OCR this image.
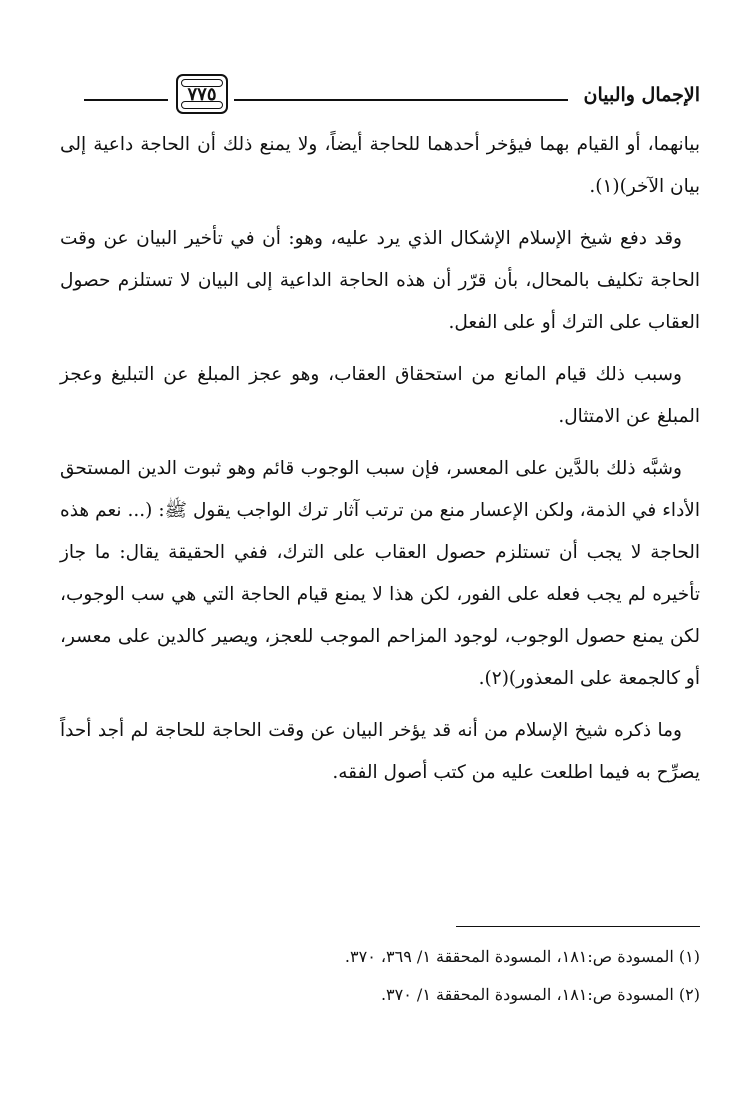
٧٧٥	الإجمال والبيان

بيانهما، أو القيام بهما فيؤخر أحدهما للحاجة أيضاً، ولا يمنع ذلك أن الحاجة داعية إلى بيان الآخر)(١).

وقد دفع شيخ الإسلام الإشكال الذي يرد عليه، وهو: أن في تأخير البيان عن وقت الحاجة تكليف بالمحال، بأن قرّر أن هذه الحاجة الداعية إلى البيان لا تستلزم حصول العقاب على الترك أو على الفعل.

وسبب ذلك قيام المانع من استحقاق العقاب، وهو عجز المبلغ عن التبليغ وعجز المبلغ عن الامتثال.

وشبَّه ذلك بالدَّين على المعسر، فإن سبب الوجوب قائم وهو ثبوت الدين المستحق الأداء في الذمة، ولكن الإعسار منع من ترتب آثار ترك الواجب يقول ﷺ: (... نعم هذه الحاجة لا يجب أن تستلزم حصول العقاب على الترك، ففي الحقيقة يقال: ما جاز تأخيره لم يجب فعله على الفور، لكن هذا لا يمنع قيام الحاجة التي هي سب الوجوب، لكن يمنع حصول الوجوب، لوجود المزاحم الموجب للعجز، ويصير كالدين على معسر، أو كالجمعة على المعذور)(٢).

وما ذكره شيخ الإسلام من أنه قد يؤخر البيان عن وقت الحاجة للحاجة لم أجد أحداً يصرِّح به فيما اطلعت عليه من كتب أصول الفقه.

(١) المسودة ص:١٨١، المسودة المحققة ١/ ٣٦٩، ٣٧٠.
(٢) المسودة ص:١٨١، المسودة المحققة ١/ ٣٧٠.
